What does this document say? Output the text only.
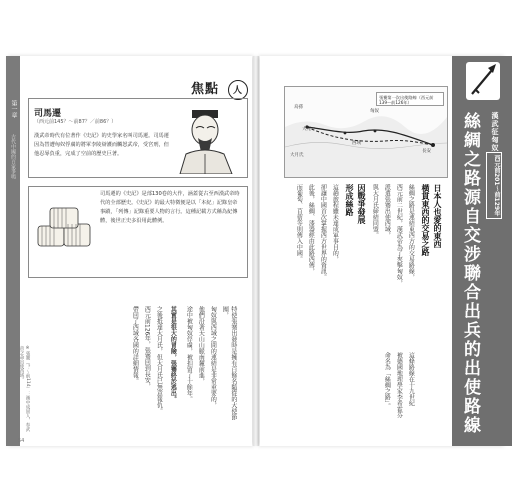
第一章
古代中國的百家爭鳴
焦點 人
司馬遷
（西元前145？〜前87？／前86？）
漢武帝時代有位著作《史記》的史學家名叫司馬遷。司馬遷因為替遭匈奴俘虜的將軍李陵辯護而觸怒武帝，受宮刑，但他忍辱負重，完成了空前的歷史巨著。
司馬遷的《史記》是部130卷的大作，涵蓋從古至西漢武帝時代的全部歷史。《史記》的最大特徵便是以「本紀」記錄皇帝事蹟，「列傳」記錄重要人物的言行。這種記載方式稱為紀傳體，後世正史多沿用此體例。
特使張騫出發時是擁有百餘名隨從的大使節團，
匈奴與西域之間的連結是非常重要的，
他們沿著天山山脈南麓前進，
途中被匈奴俘虜，被扣留了十餘年。
其實是很大的冒險，張騫終於逃出。
之後抵達大月氏，但大月氏已無意報仇。
西元前126年，張騫回到長安，
帶回了西域各國的詳細情報。
※張騫（？〜前114）：漢中成固人，奉武帝之命出使西域。
54
張騫第一次出使路線（西元前139〜前126年）
烏孫
大宛
大月氏
匈奴
長安
西域
日本人也愛的東西
橫貫東西的交易之路
絲綢之路是連結東西方的交易路線，
西元前二世紀，漢武帝為了夾擊匈奴，
派遣張騫出使西域，
與大月氏締結同盟。
因戰爭發展
形成絲路
這趟旅程雖未達成軍事目的，
卻讓中國首次掌握西方世界的資訊。
此後，絲綢、漆器經由此路西傳，
而葡萄、苜蓿等則傳入中國。
這條路線在十九世紀
被德國地理學家李希霍芬
命名為「絲綢之路」。
漢武征匈奴
西元前201〜前129年
絲綢之路源自交涉聯合出兵的出使路線
